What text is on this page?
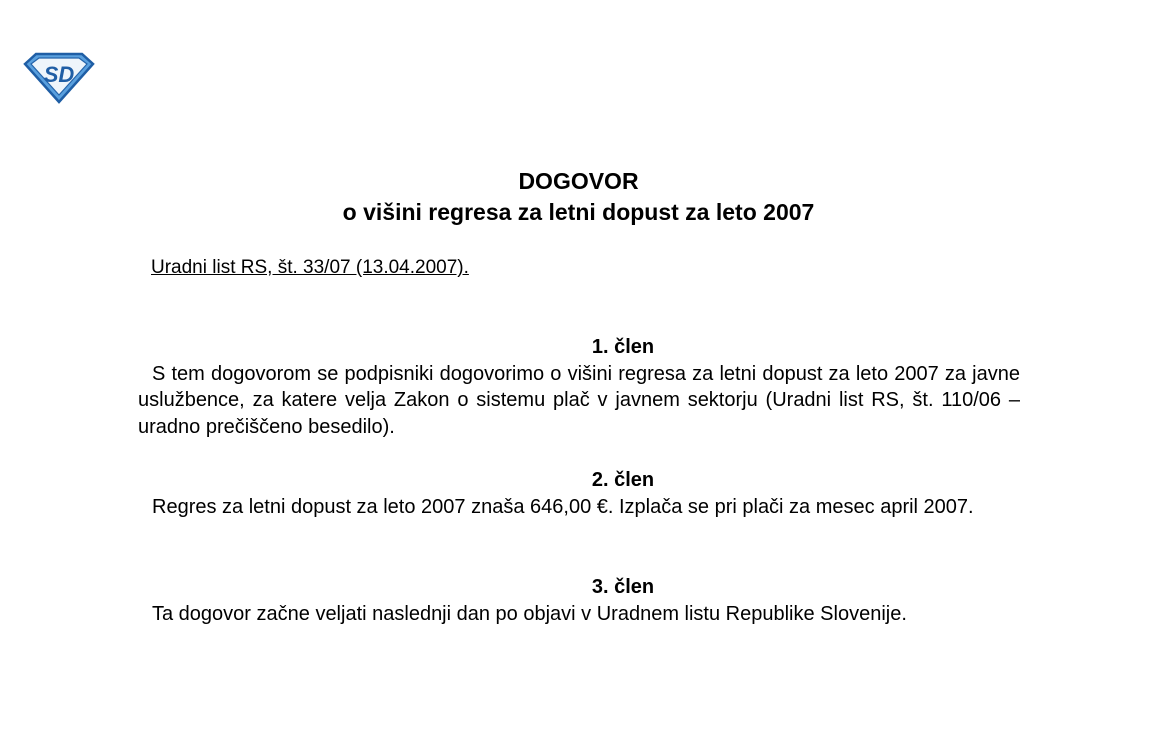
SD
DOGOVOR
o višini regresa za letni dopust za leto 2007
Uradni list RS, št. 33/07 (13.04.2007).
1. člen
S tem dogovorom se podpisniki dogovorimo o višini regresa za letni dopust za leto 2007 za javne uslužbence, za katere velja Zakon o sistemu plač v javnem sektorju (Uradni list RS, št. 110/06 – uradno prečiščeno besedilo).
2. člen
Regres za letni dopust za leto 2007 znaša 646,00 €. Izplača se pri plači za mesec april 2007.
3. člen
Ta dogovor začne veljati naslednji dan po objavi v Uradnem listu Republike Slovenije.
